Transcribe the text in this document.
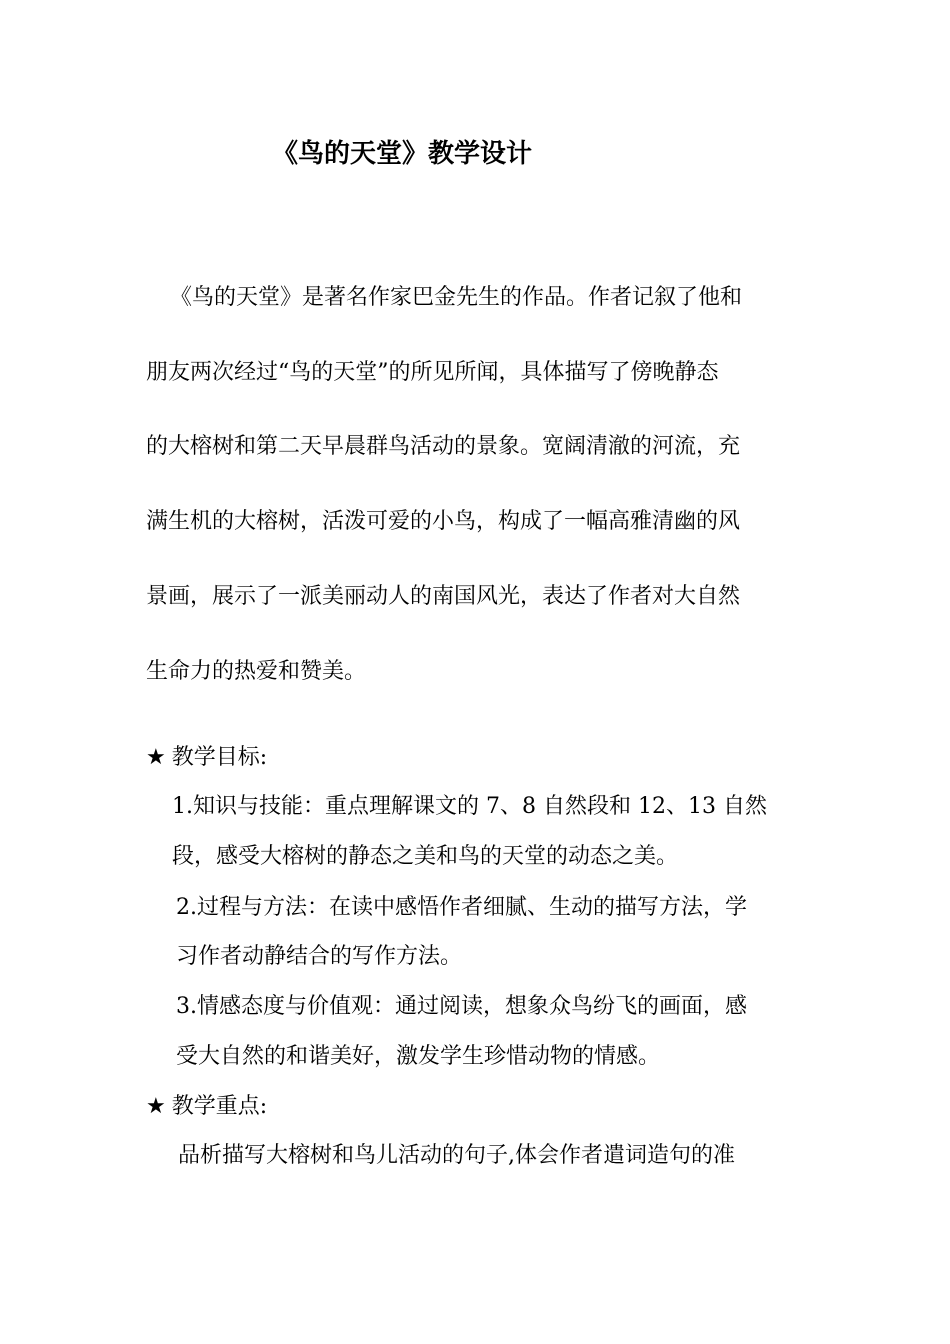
《鸟的天堂》教学设计
《鸟的天堂》是著名作家巴金先生的作品。作者记叙了他和
朋友两次经过“鸟的天堂”的所见所闻，具体描写了傍晚静态
的大榕树和第二天早晨群鸟活动的景象。宽阔清澈的河流，充
满生机的大榕树，活泼可爱的小鸟，构成了一幅高雅清幽的风
景画，展示了一派美丽动人的南国风光，表达了作者对大自然
生命力的热爱和赞美。
★ 教学目标:
1.知识与技能：重点理解课文的 7、8 自然段和 12、13 自然
段，感受大榕树的静态之美和鸟的天堂的动态之美。
2.过程与方法：在读中感悟作者细腻、生动的描写方法，学
习作者动静结合的写作方法。
3.情感态度与价值观：通过阅读，想象众鸟纷飞的画面，感
受大自然的和谐美好，激发学生珍惜动物的情感。
★ 教学重点:
品析描写大榕树和鸟儿活动的句子,体会作者遣词造句的准
